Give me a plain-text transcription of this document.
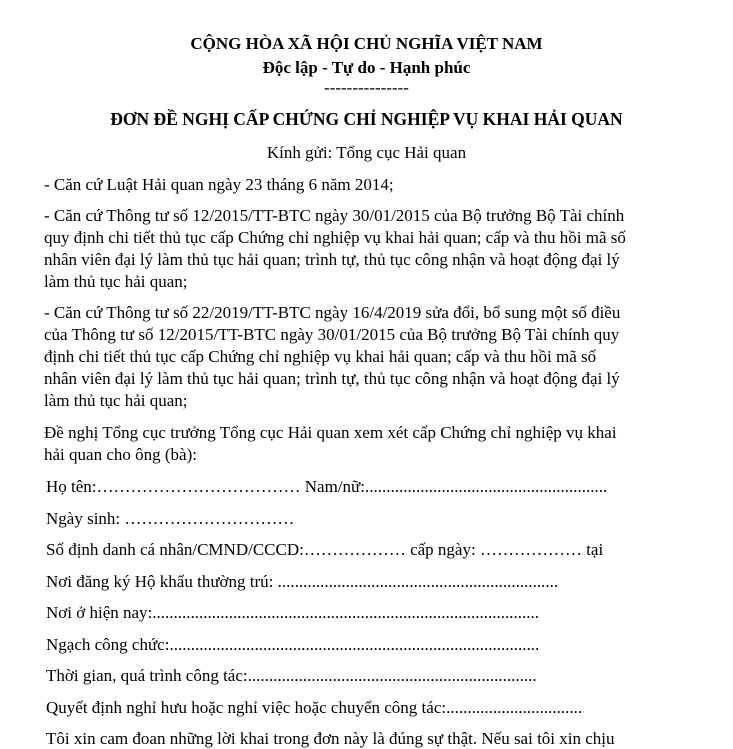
CỘNG HÒA XÃ HỘI CHỦ NGHĨA VIỆT NAM
Độc lập - Tự do - Hạnh phúc
---------------
ĐƠN ĐỀ NGHỊ CẤP CHỨNG CHỈ NGHIỆP VỤ KHAI HẢI QUAN
Kính gửi: Tổng cục Hải quan
- Căn cứ Luật Hải quan ngày 23 tháng 6 năm 2014;
- Căn cứ Thông tư số 12/2015/TT-BTC ngày 30/01/2015 của Bộ trưởng Bộ Tài chính
quy định chi tiết thủ tục cấp Chứng chỉ nghiệp vụ khai hải quan; cấp và thu hồi mã số
nhân viên đại lý làm thủ tục hải quan; trình tự, thủ tục công nhận và hoạt động đại lý
làm thủ tục hải quan;
- Căn cứ Thông tư số 22/2019/TT-BTC ngày 16/4/2019 sửa đổi, bổ sung một số điều
của Thông tư số 12/2015/TT-BTC ngày 30/01/2015 của Bộ trưởng Bộ Tài chính quy
định chi tiết thủ tục cấp Chứng chỉ nghiệp vụ khai hải quan; cấp và thu hồi mã số
nhân viên đại lý làm thủ tục hải quan; trình tự, thủ tục công nhận và hoạt động đại lý
làm thủ tục hải quan;
Đề nghị Tổng cục trưởng Tổng cục Hải quan xem xét cấp Chứng chỉ nghiệp vụ khai
hải quan cho ông (bà):
Họ tên:……………………………… Nam/nữ:.........................................................
Ngày sinh: …………………………
Số định danh cá nhân/CMND/CCCD:……………… cấp ngày: ……………… tại
Nơi đăng ký Hộ khẩu thường trú: ..................................................................
Nơi ở hiện nay:...........................................................................................
Ngạch công chức:.......................................................................................
Thời gian, quá trình công tác:....................................................................
Quyết định nghỉ hưu hoặc nghỉ việc hoặc chuyển công tác:................................
Tôi xin cam đoan những lời khai trong đơn này là đúng sự thật. Nếu sai tôi xin chịu
